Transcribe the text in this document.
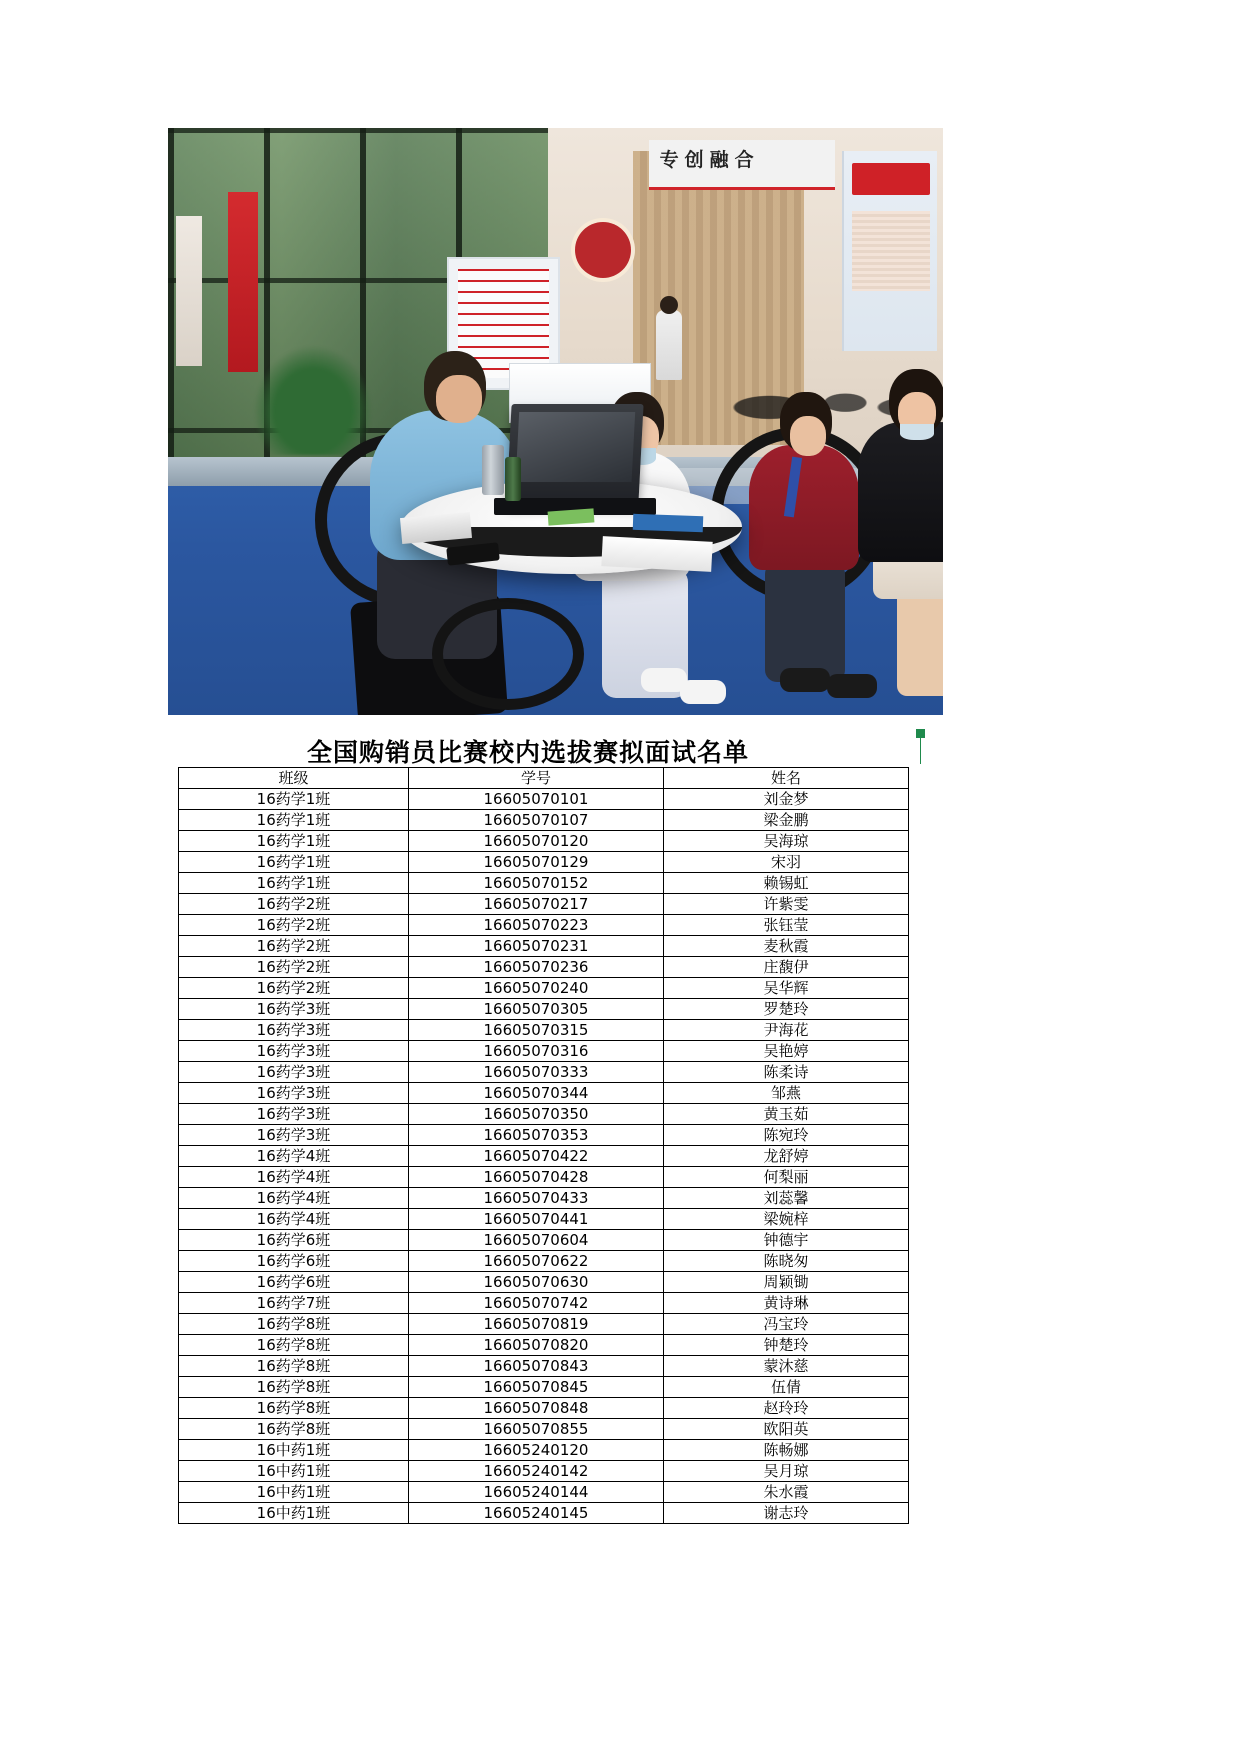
专创融合
全国购销员比赛校内选拔赛拟面试名单
班级	学号	姓名
16药学1班	16605070101	刘金梦
16药学1班	16605070107	梁金鹏
16药学1班	16605070120	吴海琼
16药学1班	16605070129	宋羽
16药学1班	16605070152	赖锡虹
16药学2班	16605070217	许紫雯
16药学2班	16605070223	张钰莹
16药学2班	16605070231	麦秋霞
16药学2班	16605070236	庄馥伊
16药学2班	16605070240	吴华辉
16药学3班	16605070305	罗楚玲
16药学3班	16605070315	尹海花
16药学3班	16605070316	吴艳婷
16药学3班	16605070333	陈柔诗
16药学3班	16605070344	邹燕
16药学3班	16605070350	黄玉茹
16药学3班	16605070353	陈宛玲
16药学4班	16605070422	龙舒婷
16药学4班	16605070428	何梨丽
16药学4班	16605070433	刘蕊馨
16药学4班	16605070441	梁婉梓
16药学6班	16605070604	钟德宇
16药学6班	16605070622	陈晓匆
16药学6班	16605070630	周颖锄
16药学7班	16605070742	黄诗琳
16药学8班	16605070819	冯宝玲
16药学8班	16605070820	钟楚玲
16药学8班	16605070843	蒙沐慈
16药学8班	16605070845	伍倩
16药学8班	16605070848	赵玲玲
16药学8班	16605070855	欧阳英
16中药1班	16605240120	陈畅娜
16中药1班	16605240142	吴月琼
16中药1班	16605240144	朱水霞
16中药1班	16605240145	谢志玲
